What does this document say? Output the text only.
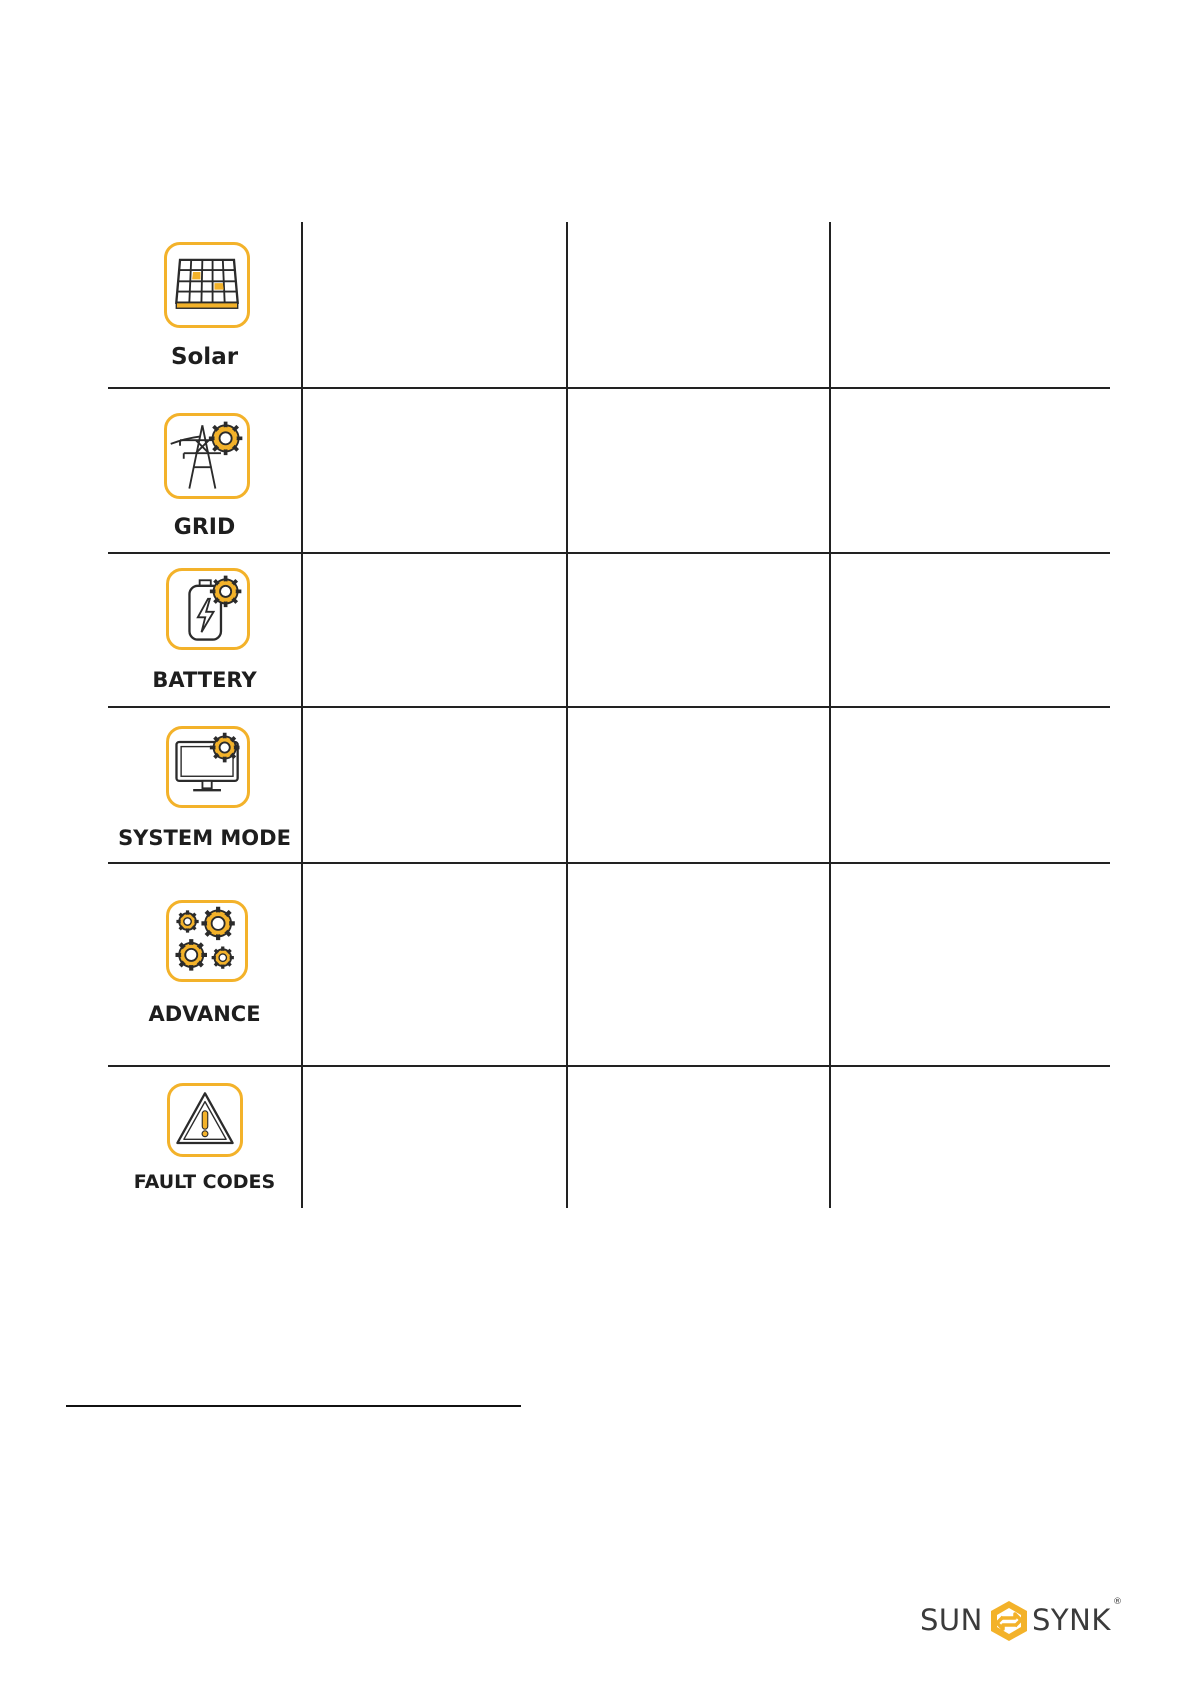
Solar
GRID
BATTERY
SYSTEM MODE
ADVANCE
FAULT CODES
SUN SYNK
®
